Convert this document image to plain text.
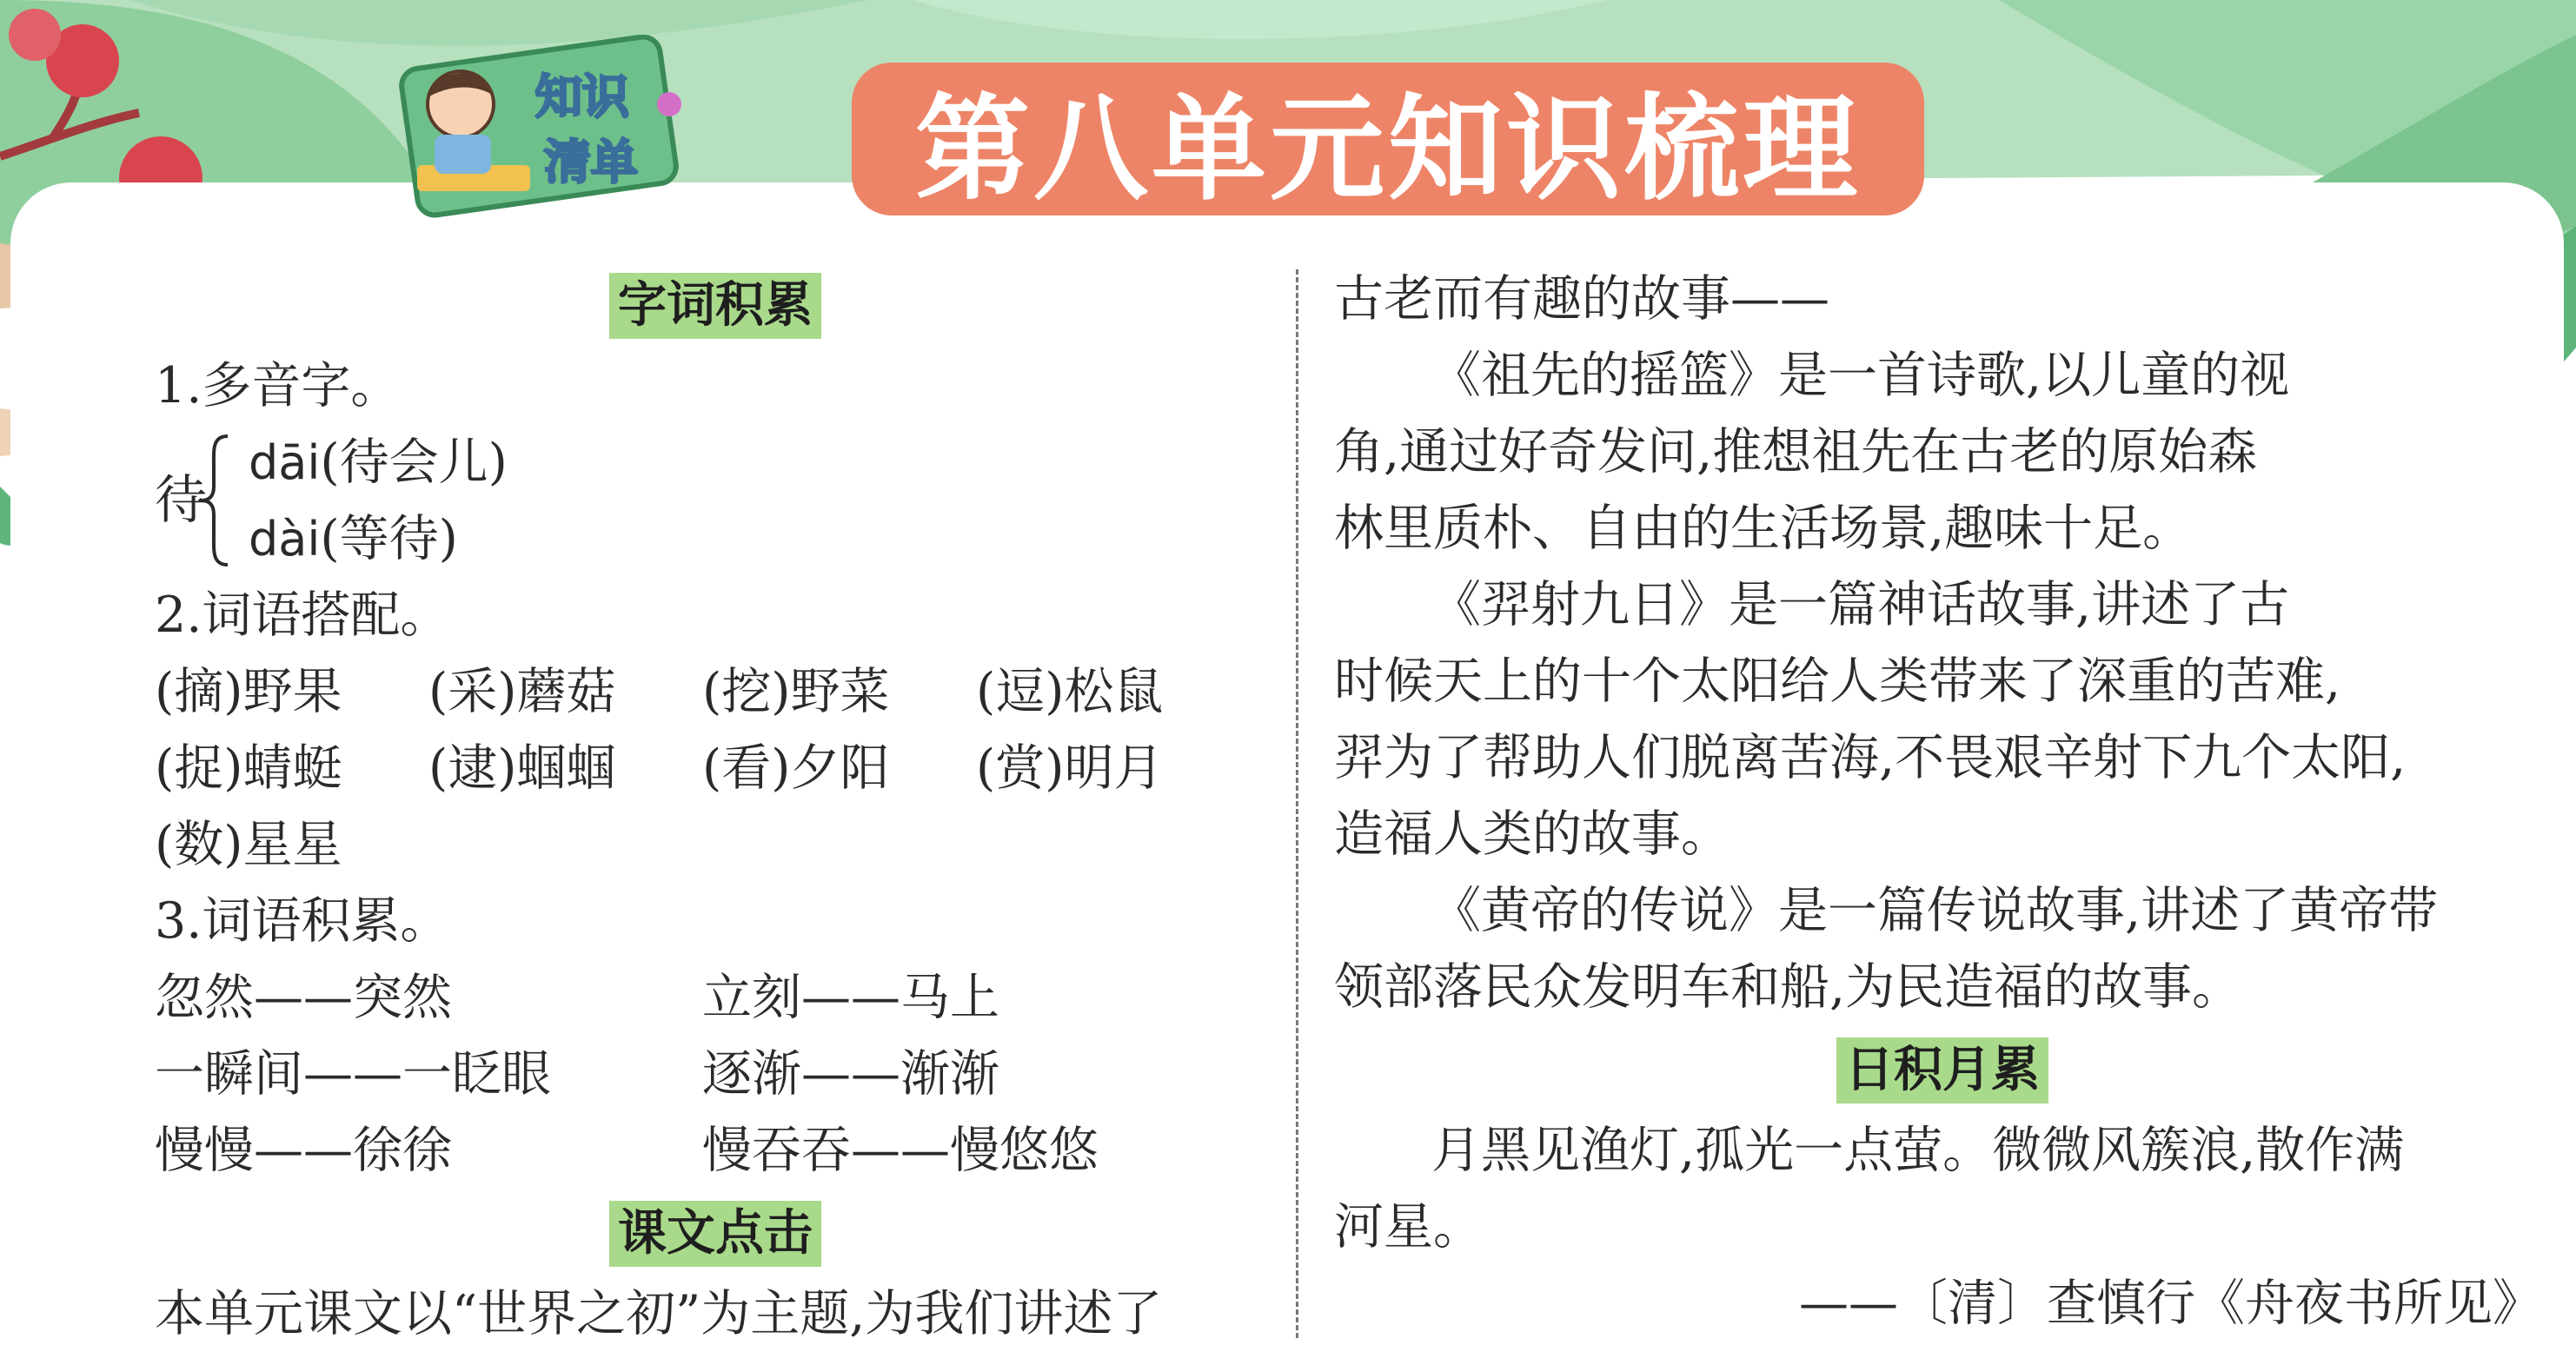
知识
清单 第八单元知识梳理
字词积累
1.多音字。
待
dāi(待会儿)
dài(等待)
2.词语搭配。
(摘)野果	(采)蘑菇	(挖)野菜	(逗)松鼠
(捉)蜻蜓	(逮)蝈蝈	(看)夕阳	(赏)明月
(数)星星
3.词语积累。
忽然——突然	立刻——马上
一瞬间——一眨眼	逐渐——渐渐
慢慢——徐徐	慢吞吞——慢悠悠
课文点击
本单元课文以“世界之初”为主题,为我们讲述了
古老而有趣的故事——
《祖先的摇篮》是一首诗歌,以儿童的视
角,通过好奇发问,推想祖先在古老的原始森
林里质朴、自由的生活场景,趣味十足。
《羿射九日》是一篇神话故事,讲述了古
时候天上的十个太阳给人类带来了深重的苦难,
羿为了帮助人们脱离苦海,不畏艰辛射下九个太阳,
造福人类的故事。
《黄帝的传说》是一篇传说故事,讲述了黄帝带
领部落民众发明车和船,为民造福的故事。
日积月累
月黑见渔灯,孤光一点萤。微微风簇浪,散作满
河星。
——〔清〕查慎行《舟夜书所见》
